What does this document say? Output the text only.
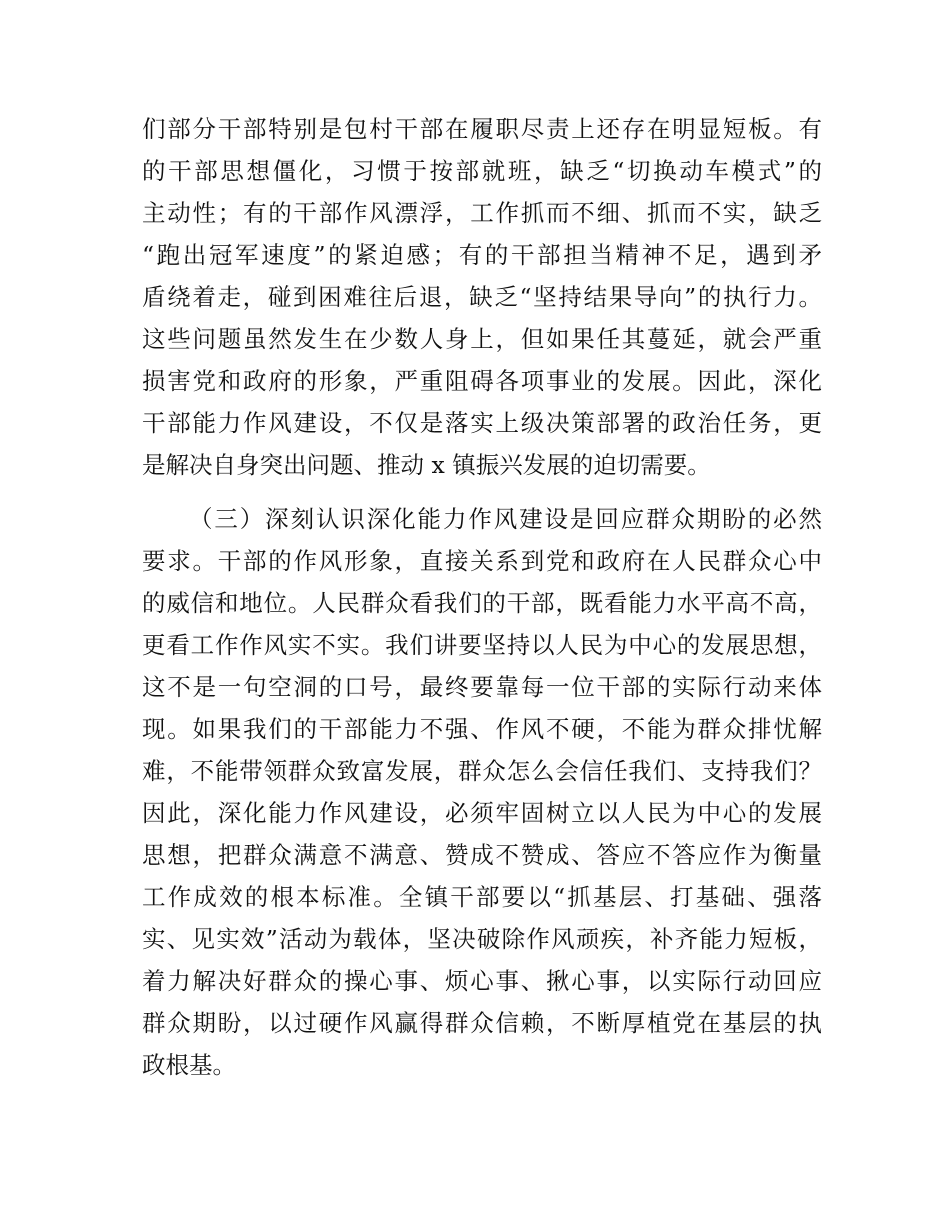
们部分干部特别是包村干部在履职尽责上还存在明显短板。有
的干部思想僵化，习惯于按部就班，缺乏“切换动车模式”的
主动性；有的干部作风漂浮，工作抓而不细、抓而不实，缺乏
“跑出冠军速度”的紧迫感；有的干部担当精神不足，遇到矛
盾绕着走，碰到困难往后退，缺乏“坚持结果导向”的执行力。
这些问题虽然发生在少数人身上，但如果任其蔓延，就会严重
损害党和政府的形象，严重阻碍各项事业的发展。因此，深化
干部能力作风建设，不仅是落实上级决策部署的政治任务，更
是解决自身突出问题、推动 x 镇振兴发展的迫切需要。
（三）深刻认识深化能力作风建设是回应群众期盼的必然
要求。干部的作风形象，直接关系到党和政府在人民群众心中
的威信和地位。人民群众看我们的干部，既看能力水平高不高，
更看工作作风实不实。我们讲要坚持以人民为中心的发展思想，
这不是一句空洞的口号，最终要靠每一位干部的实际行动来体
现。如果我们的干部能力不强、作风不硬，不能为群众排忧解
难，不能带领群众致富发展，群众怎么会信任我们、支持我们？
因此，深化能力作风建设，必须牢固树立以人民为中心的发展
思想，把群众满意不满意、赞成不赞成、答应不答应作为衡量
工作成效的根本标准。全镇干部要以“抓基层、打基础、强落
实、见实效”活动为载体，坚决破除作风顽疾，补齐能力短板，
着力解决好群众的操心事、烦心事、揪心事，以实际行动回应
群众期盼，以过硬作风赢得群众信赖，不断厚植党在基层的执
政根基。
